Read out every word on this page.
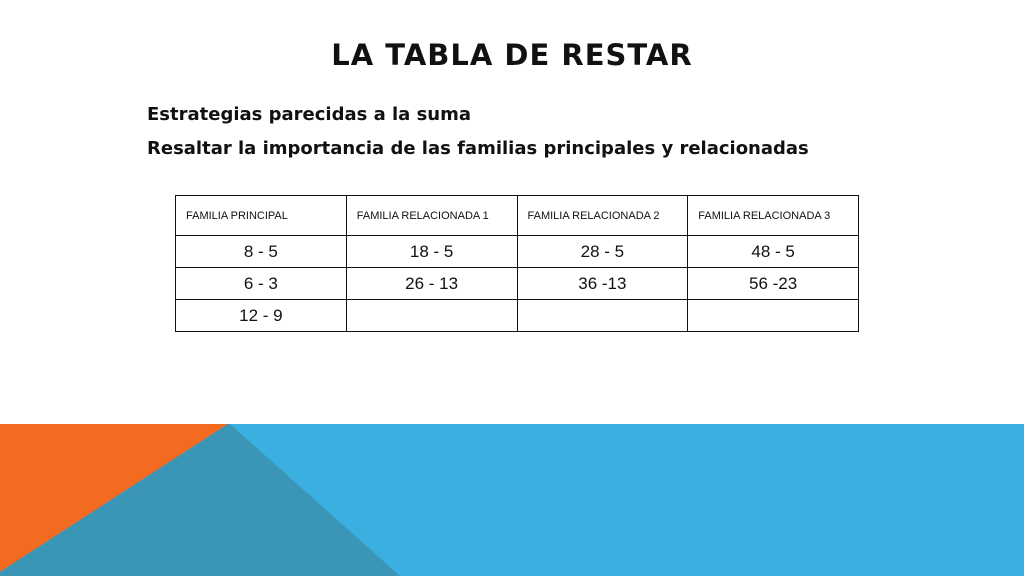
LA TABLA DE RESTAR
Estrategias parecidas a la suma
Resaltar la importancia de las familias principales y relacionadas
FAMILIA PRINCIPAL	FAMILIA RELACIONADA 1	FAMILIA RELACIONADA 2	FAMILIA RELACIONADA 3
8 - 5	18 - 5	28 - 5	48 - 5
6 - 3	26 - 13	36 -13	56 -23
12 - 9			
